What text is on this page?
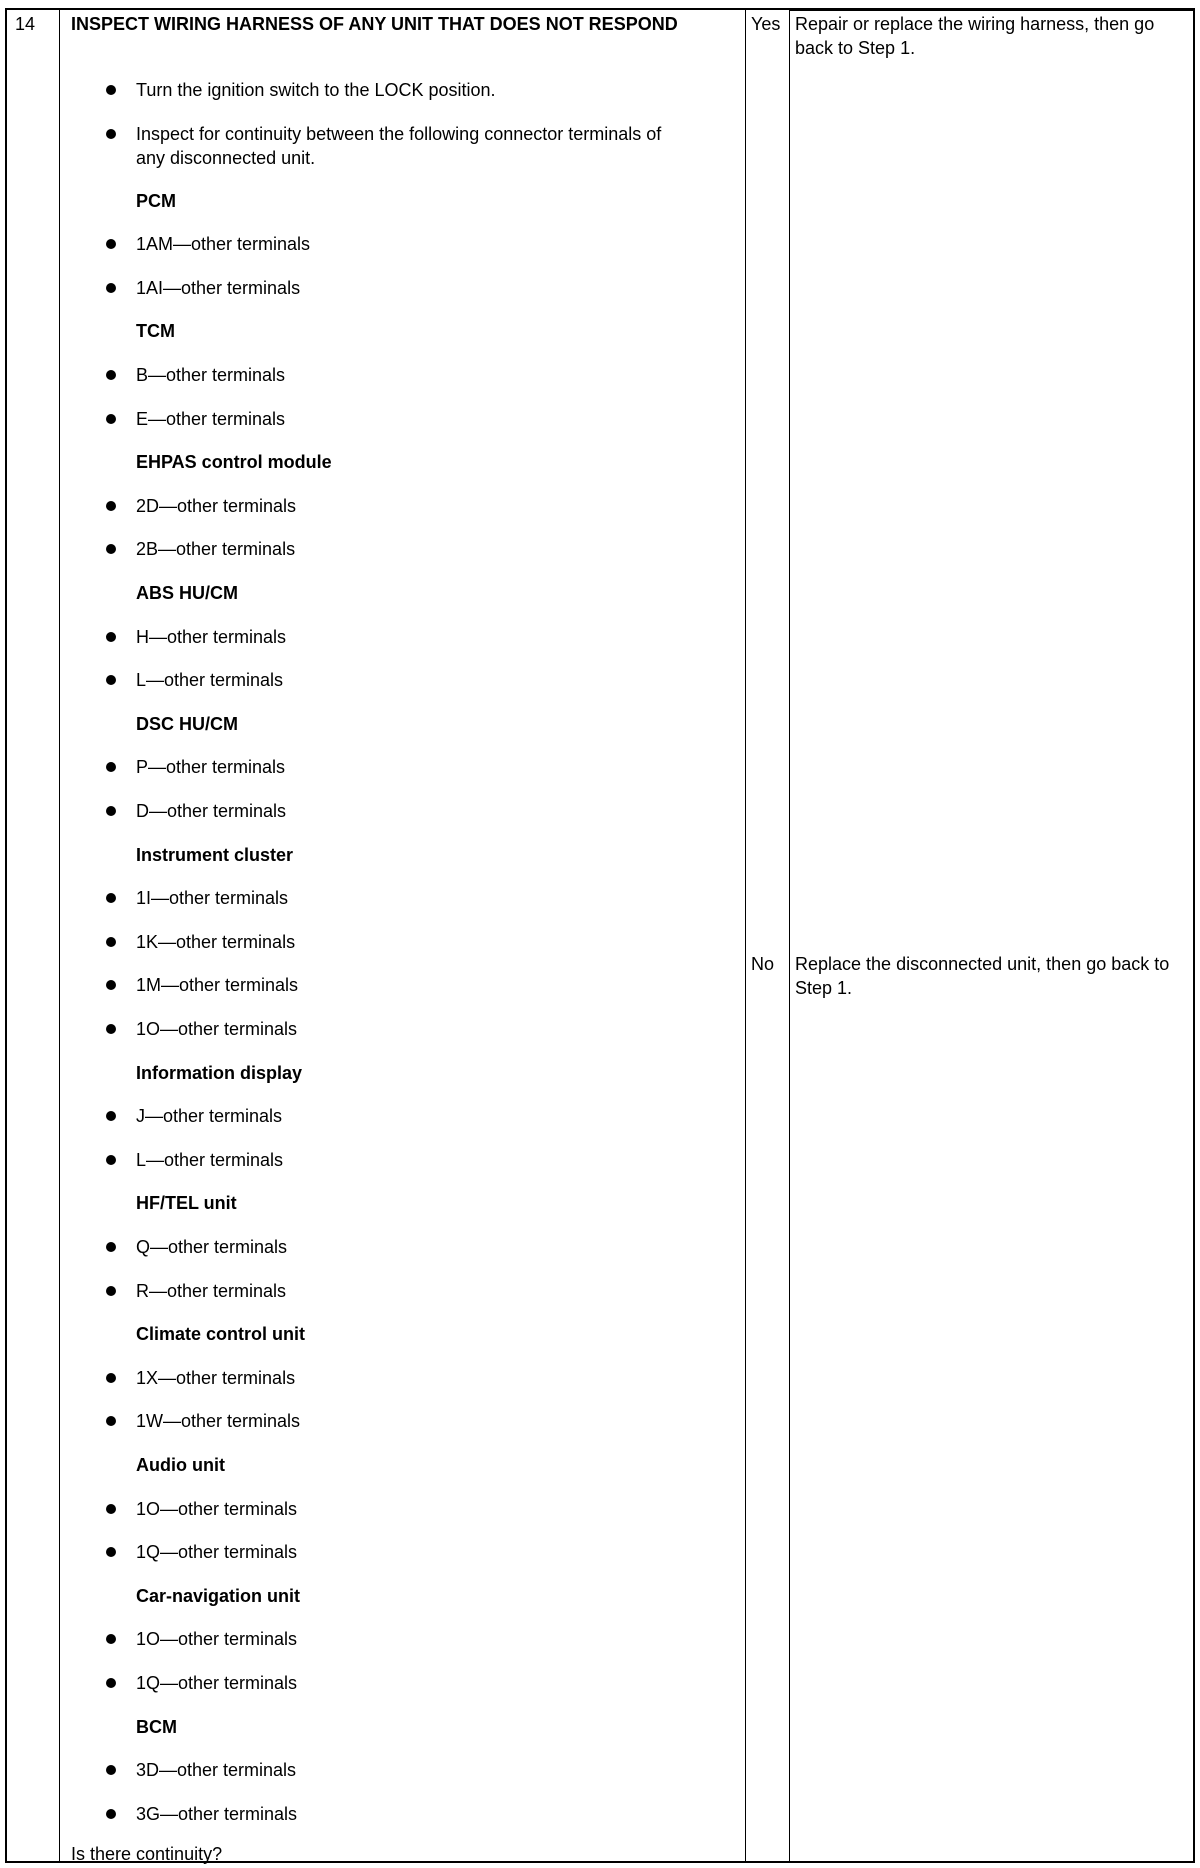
14 INSPECT WIRING HARNESS OF ANY UNIT THAT DOES NOT RESPOND
Turn the ignition switch to the LOCK position.
Inspect for continuity between the following connector terminals of any disconnected unit.
PCM
1AM—other terminals
1AI—other terminals
TCM
B—other terminals
E—other terminals
EHPAS control module
2D—other terminals
2B—other terminals
ABS HU/CM
H—other terminals
L—other terminals
DSC HU/CM
P—other terminals
D—other terminals
Instrument cluster
1I—other terminals
1K—other terminals
1M—other terminals
1O—other terminals
Information display
J—other terminals
L—other terminals
HF/TEL unit
Q—other terminals
R—other terminals
Climate control unit
1X—other terminals
1W—other terminals
Audio unit
1O—other terminals
1Q—other terminals
Car-navigation unit
1O—other terminals
1Q—other terminals
BCM
3D—other terminals
3G—other terminals
Is there continuity?
Yes Repair or replace the wiring harness, then go back to Step 1.
No Replace the disconnected unit, then go back to Step 1.
